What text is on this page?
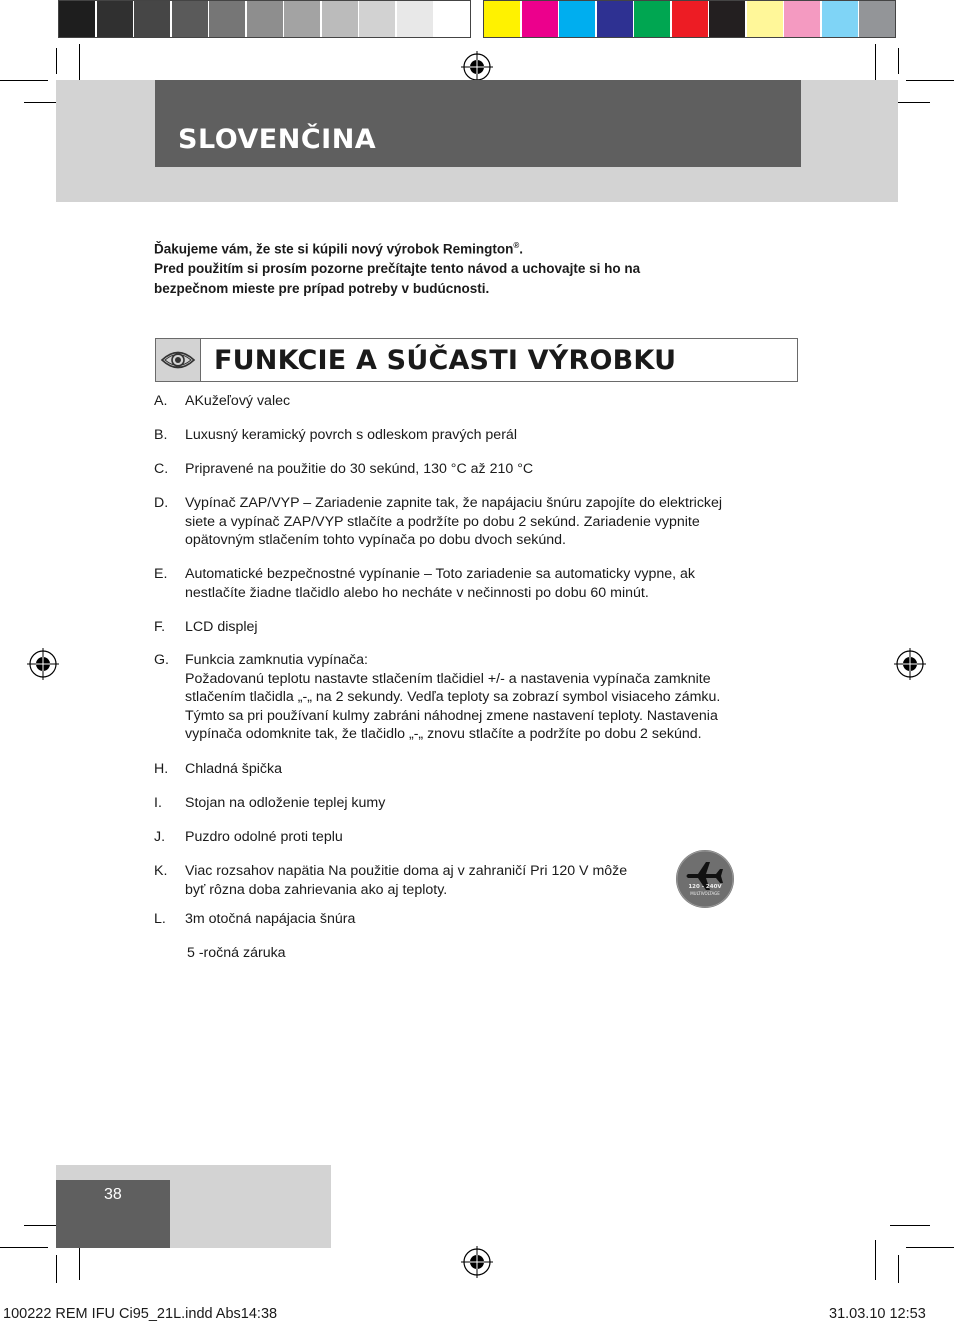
SLOVENČINA

Ďakujeme vám, že ste si kúpili nový výrobok Remington®.

Pred použitím si prosím pozorne prečítajte tento návod a uchovajte si ho na

bezpečnom mieste pre prípad potreby v budúcnosti.

FUNKCIE A SÚČASTI VÝROBKU
A. AKužeľový valec
B. Luxusný keramický povrch s odleskom pravých perál
C. Pripravené na použitie do 30 sekúnd, 130 °C až 210 °C
D. Vypínač ZAP/VYP – Zariadenie zapnite tak, že napájaciu šnúru zapojíte do elektrickej
siete a vypínač ZAP/VYP stlačíte a podržíte po dobu 2 sekúnd. Zariadenie vypnite
opätovným stlačením tohto vypínača po dobu dvoch sekúnd.
E. Automatické bezpečnostné vypínanie – Toto zariadenie sa automaticky vypne, ak
nestlačíte žiadne tlačidlo alebo ho necháte v nečinnosti po dobu 60 minút.
F. LCD displej
G. Funkcia zamknutia vypínača:
Požadovanú teplotu nastavte stlačením tlačidiel +/- a nastavenia vypínača zamknite
stlačením tlačidla „-„ na 2 sekundy. Vedľa teploty sa zobrazí symbol visiaceho zámku.
Týmto sa pri používaní kulmy zabráni náhodnej zmene nastavení teploty. Nastavenia
vypínača odomknite tak, že tlačidlo „-„ znovu stlačíte a podržíte po dobu 2 sekúnd.
H. Chladná špička
I. Stojan na odloženie teplej kumy
J. Puzdro odolné proti teplu
K. Viac rozsahov napätia Na použitie doma aj v zahraničí Pri 120 V môže
byť rôzna doba zahrievania ako aj teploty.
L. 3m otočná napájacia šnúra
5 -ročná záruka
120 - 240V
MULTIVOLTAGE
38
100222 REM IFU Ci95_21L.indd Abs14:38	31.03.10 12:53
